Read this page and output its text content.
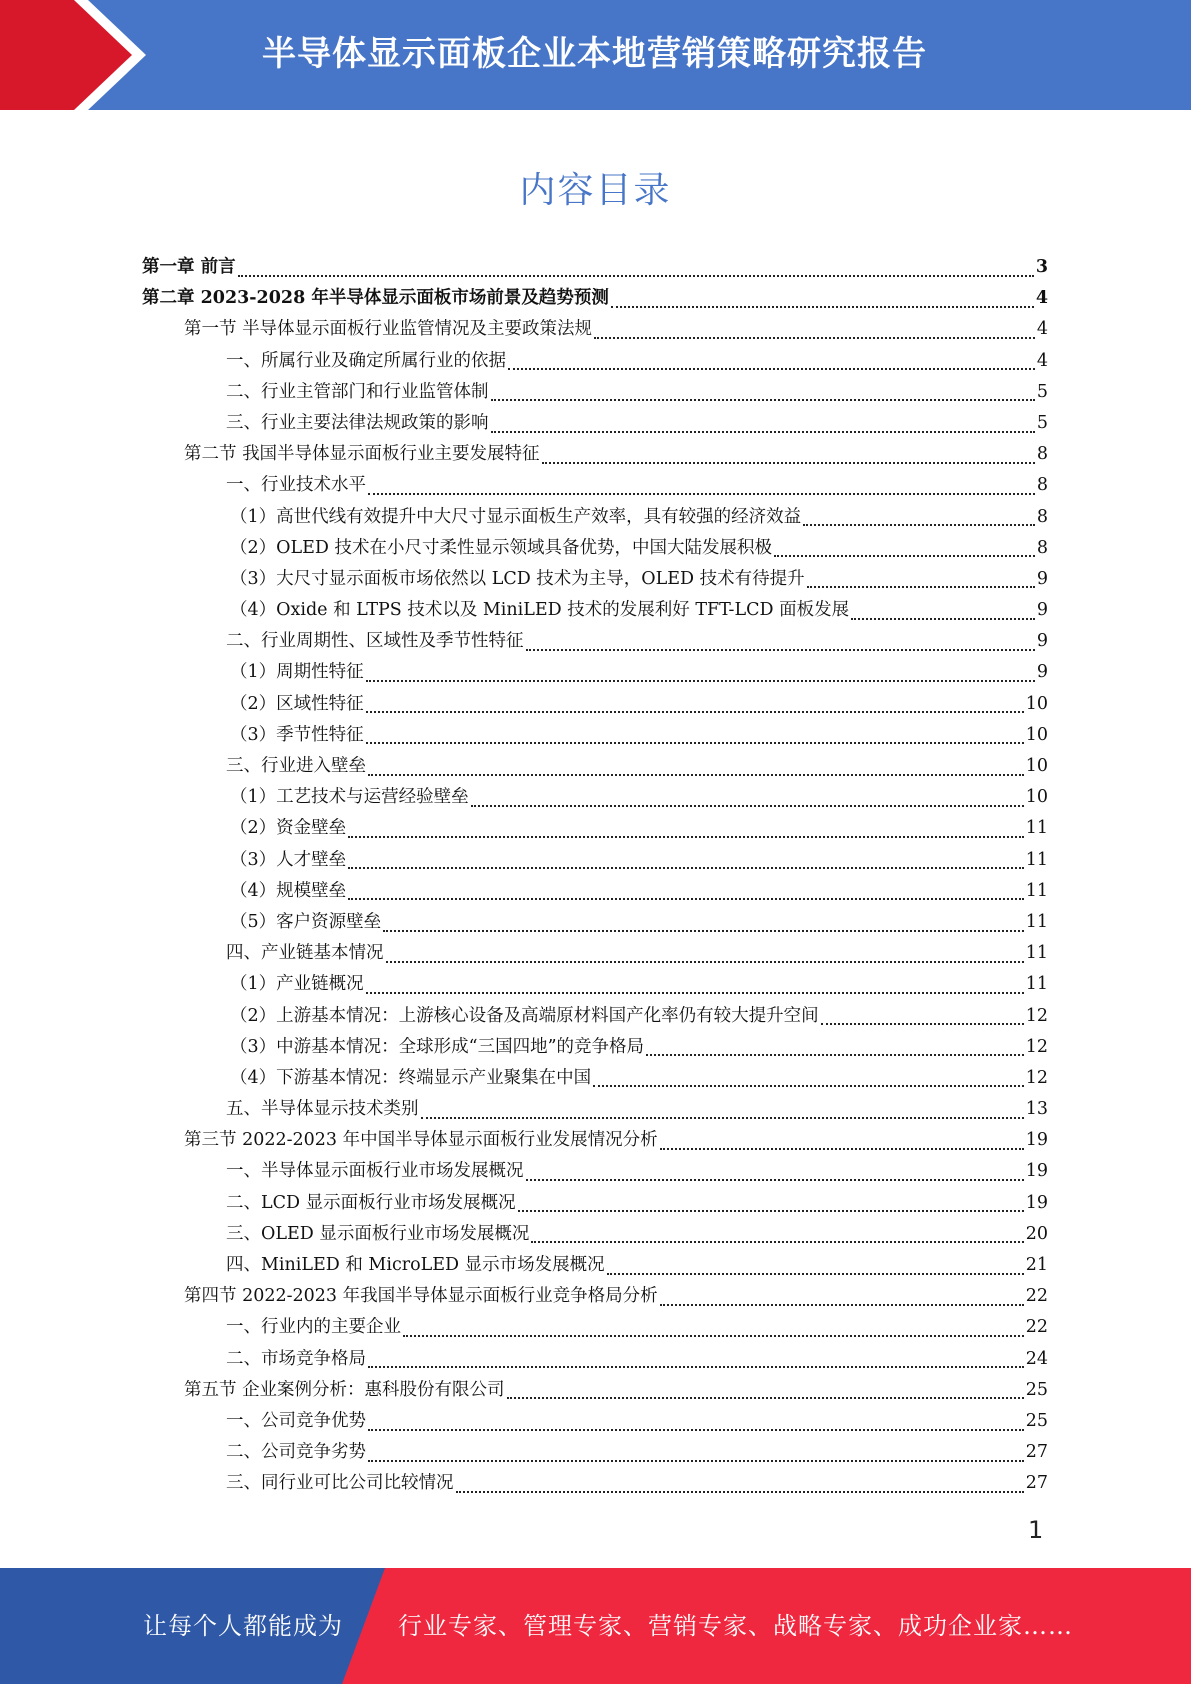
半导体显示面板企业本地营销策略研究报告
内容目录
第一章 前言	3
第二章 2023-2028 年半导体显示面板市场前景及趋势预测	4
第一节 半导体显示面板行业监管情况及主要政策法规	4
一、所属行业及确定所属行业的依据	4
二、行业主管部门和行业监管体制	5
三、行业主要法律法规政策的影响	5
第二节 我国半导体显示面板行业主要发展特征	8
一、行业技术水平	8
（1）高世代线有效提升中大尺寸显示面板生产效率，具有较强的经济效益	8
（2）OLED 技术在小尺寸柔性显示领域具备优势，中国大陆发展积极	8
（3）大尺寸显示面板市场依然以 LCD 技术为主导，OLED 技术有待提升	9
（4）Oxide 和 LTPS 技术以及 MiniLED 技术的发展利好 TFT-LCD 面板发展	9
二、行业周期性、区域性及季节性特征	9
（1）周期性特征	9
（2）区域性特征	10
（3）季节性特征	10
三、行业进入壁垒	10
（1）工艺技术与运营经验壁垒	10
（2）资金壁垒	11
（3）人才壁垒	11
（4）规模壁垒	11
（5）客户资源壁垒	11
四、产业链基本情况	11
（1）产业链概况	11
（2）上游基本情况：上游核心设备及高端原材料国产化率仍有较大提升空间	12
（3）中游基本情况：全球形成“三国四地”的竞争格局	12
（4）下游基本情况：终端显示产业聚集在中国	12
五、半导体显示技术类别	13
第三节 2022-2023 年中国半导体显示面板行业发展情况分析	19
一、半导体显示面板行业市场发展概况	19
二、LCD 显示面板行业市场发展概况	19
三、OLED 显示面板行业市场发展概况	20
四、MiniLED 和 MicroLED 显示市场发展概况	21
第四节 2022-2023 年我国半导体显示面板行业竞争格局分析	22
一、行业内的主要企业	22
二、市场竞争格局	24
第五节 企业案例分析：惠科股份有限公司	25
一、公司竞争优势	25
二、公司竞争劣势	27
三、同行业可比公司比较情况	27
1
让每个人都能成为 行业专家、管理专家、营销专家、战略专家、成功企业家……
